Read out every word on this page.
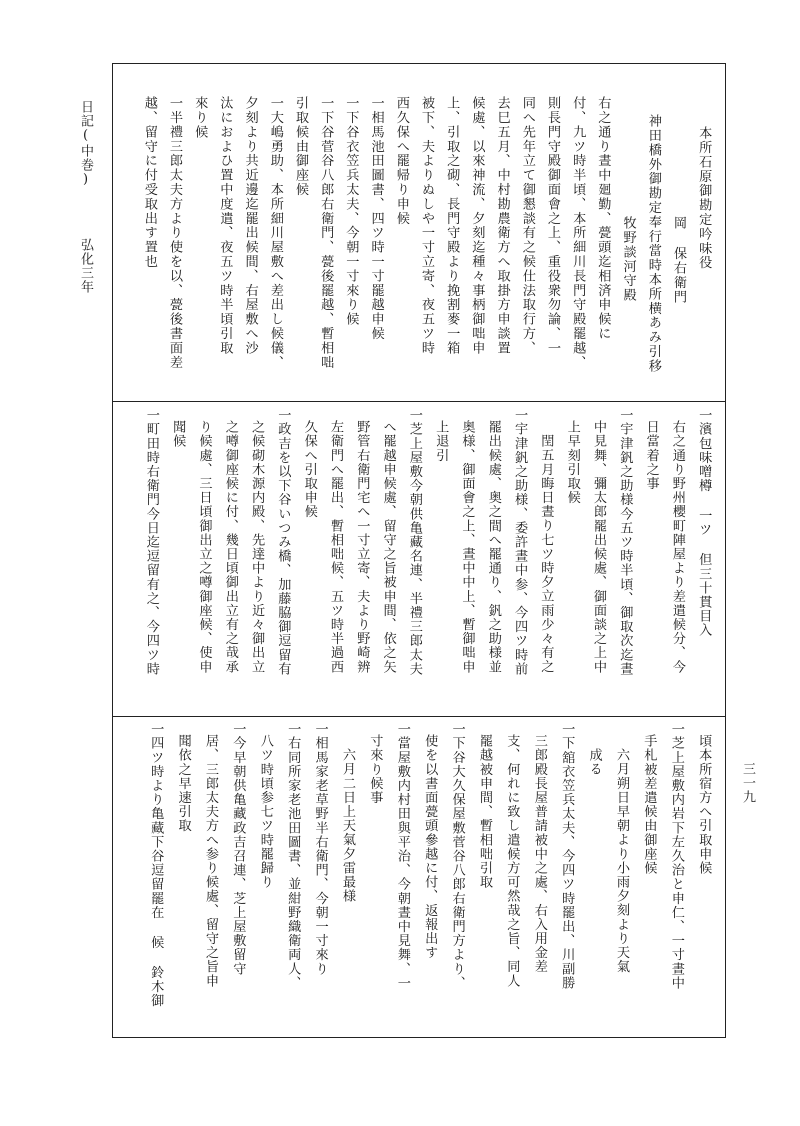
日記(中巻)
弘化三年
三一九
本所石原御勘定吟味役
岡 保右衛門
神田橋外御勘定奉行當時本所横あみ引移
牧野談河守殿
右之通り晝中廻勤、甍頭迄相済申候に
付、九ツ時半頃、本所細川長門守殿罷越、
則長門守殿御面會之上、重役衆勿論、一
同へ先年立て御懇談有之候仕法取行方、
去巳五月、中村勘農衛方へ取掛方申談置
候處、以來神流、夕刻迄種々事柄御咄申
上、引取之砌、長門守殿より挽割麥一箱
被下、夫よりぬしや一寸立寄、夜五ツ時
西久保へ罷帰り申候
一相馬池田圖書、四ツ時一寸罷越申候
一下谷衣笠兵太夫、今朝一寸來り候
一下谷菅谷八郎右衛門、甍後罷越、暫相咄
引取候由御座候
一大嶋勇助、本所細川屋敷へ差出し候儀、
夕刻より共近邊迄罷出候間、右屋敷へ沙
汰におよひ置中度遣、夜五ツ時半頃引取
來り候
一半禮三郎太夫方より使を以、甍後書面差
越、留守に付受取出す置也
一濱包味噌樽 一ツ 但三十貫目入
右之通り野州櫻町陣屋より差遣候分、今
日當着之事
一宇津釩之助様今五ツ時半頃、御取次迄晝
中見舞、彌太郎罷出候處、御面談之上中
上早刻引取候
閏五月晦日晝り七ツ時夕立雨少々有之
一宇津釩之助様、委許晝中参、今四ツ時前
罷出候處、奥之間へ罷通り、釩之助様並
奥様、御面會之上、晝中中上、暫御咄申
上退引
一芝上屋敷今朝供亀藏名連、半禮三郎太夫
へ罷越申候處、留守之旨被申間、依之矢
野管右衛門宅へ一寸立寄、夫より野崎辨
左衛門へ罷出、暫相咄候、五ツ時半過西
久保へ引取申候
一政吉を以下谷いつみ橋、加藤脇御逗留有
之候砌木源内殿、先達中より近々御出立
之噂御座候に付、幾日頃御出立有之哉承
り候處、三日頃御出立之噂御座候、使申
聞候
一町田時右衛門今日迄逗留有之、今四ツ時
頃本所宿方へ引取申候
一芝上屋敷内岩下左久治と申仁、一寸晝中
手札被差遣候由御座候
六月朔日早朝より小雨夕刻より天氣
成る
一下舘衣笠兵太夫、今四ツ時罷出、川副勝
三郎殿長屋普請被中之處、右入用金差
支、何れに致し遣候方可然哉之旨、同人
罷越被申間、暫相咄引取
一下谷大久保屋敷菅谷八郎右衛門方より、
使を以書面甍頭參越に付、返報出す
一當屋敷内村田與平治、今朝晝中見舞、一
寸來り候事
六月二日上天氣夕雷最様
一相馬家老草野半右衛門、今朝一寸來り
一右同所家老池田圖書、並紺野織衛両人、
八ツ時頃参七ツ時罷歸り
一今早朝供亀藏政吉召連、芝上屋敷留守
居、三郎太夫方へ参り候處、留守之旨申
聞依之早速引取
一四ツ時より亀藏下谷逗留罷在 候 鈴木御
